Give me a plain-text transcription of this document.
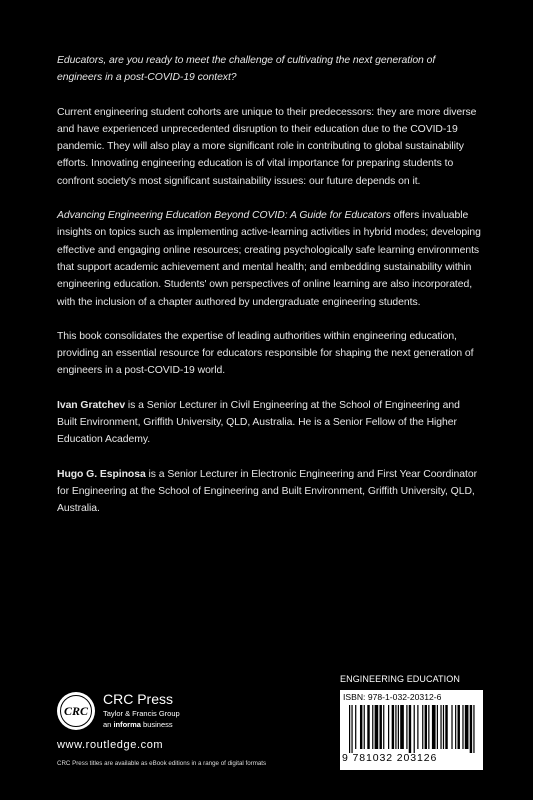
Educators, are you ready to meet the challenge of cultivating the next generation of engineers in a post-COVID-19 context?

Current engineering student cohorts are unique to their predecessors: they are more diverse and have experienced unprecedented disruption to their education due to the COVID-19 pandemic. They will also play a more significant role in contributing to global sustainability efforts. Innovating engineering education is of vital importance for preparing students to confront society's most significant sustainability issues: our future depends on it.

Advancing Engineering Education Beyond COVID: A Guide for Educators offers invaluable insights on topics such as implementing active-learning activities in hybrid modes; developing effective and engaging online resources; creating psychologically safe learning environments that support academic achievement and mental health; and embedding sustainability within engineering education. Students' own perspectives of online learning are also incorporated, with the inclusion of a chapter authored by undergraduate engineering students.

This book consolidates the expertise of leading authorities within engineering education, providing an essential resource for educators responsible for shaping the next generation of engineers in a post-COVID-19 world.

Ivan Gratchev is a Senior Lecturer in Civil Engineering at the School of Engineering and Built Environment, Griffith University, QLD, Australia. He is a Senior Fellow of the Higher Education Academy.

Hugo G. Espinosa is a Senior Lecturer in Electronic Engineering and First Year Coordinator for Engineering at the School of Engineering and Built Environment, Griffith University, QLD, Australia.

CRC
CRC Press
Taylor & Francis Group
an informa business
www.routledge.com
CRC Press titles are available as eBook editions in a range of digital formats
ENGINEERING EDUCATION
ISBN: 978-1-032-20312-6
9 781032 203126
